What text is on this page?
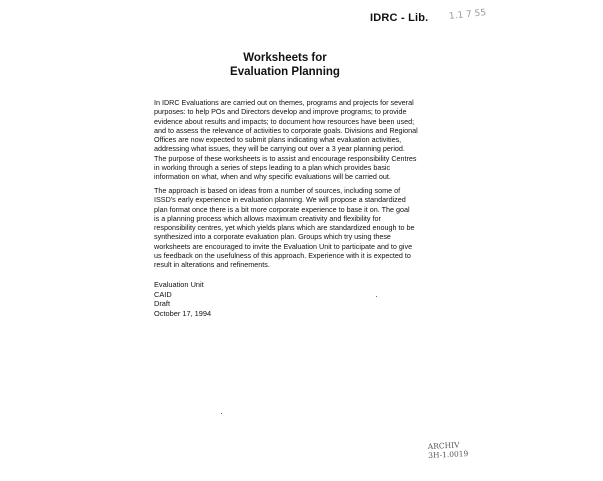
IDRC - Lib. 1.1 7 55
Worksheets for
Evaluation Planning
In IDRC Evaluations are carried out on themes, programs and projects for several
purposes: to help POs and Directors develop and improve programs; to provide
evidence about results and impacts; to document how resources have been used;
and to assess the relevance of activities to corporate goals. Divisions and Regional
Offices are now expected to submit plans indicating what evaluation activities,
addressing what issues, they will be carrying out over a 3 year planning period.
The purpose of these worksheets is to assist and encourage responsibility Centres
in working through a series of steps leading to a plan which provides basic
information on what, when and why specific evaluations will be carried out.
The approach is based on ideas from a number of sources, including some of
ISSD's early experience in evaluation planning. We will propose a standardized
plan format once there is a bit more corporate experience to base it on. The goal
is a planning process which allows maximum creativity and flexibility for
responsibility centres, yet which yields plans which are standardized enough to be
synthesized into a corporate evaluation plan. Groups which try using these
worksheets are encouraged to invite the Evaluation Unit to participate and to give
us feedback on the usefulness of this approach. Experience with it is expected to
result in alterations and refinements.
Evaluation Unit
CAID
Draft
October 17, 1994
ARCHIV
3H-1.0019
